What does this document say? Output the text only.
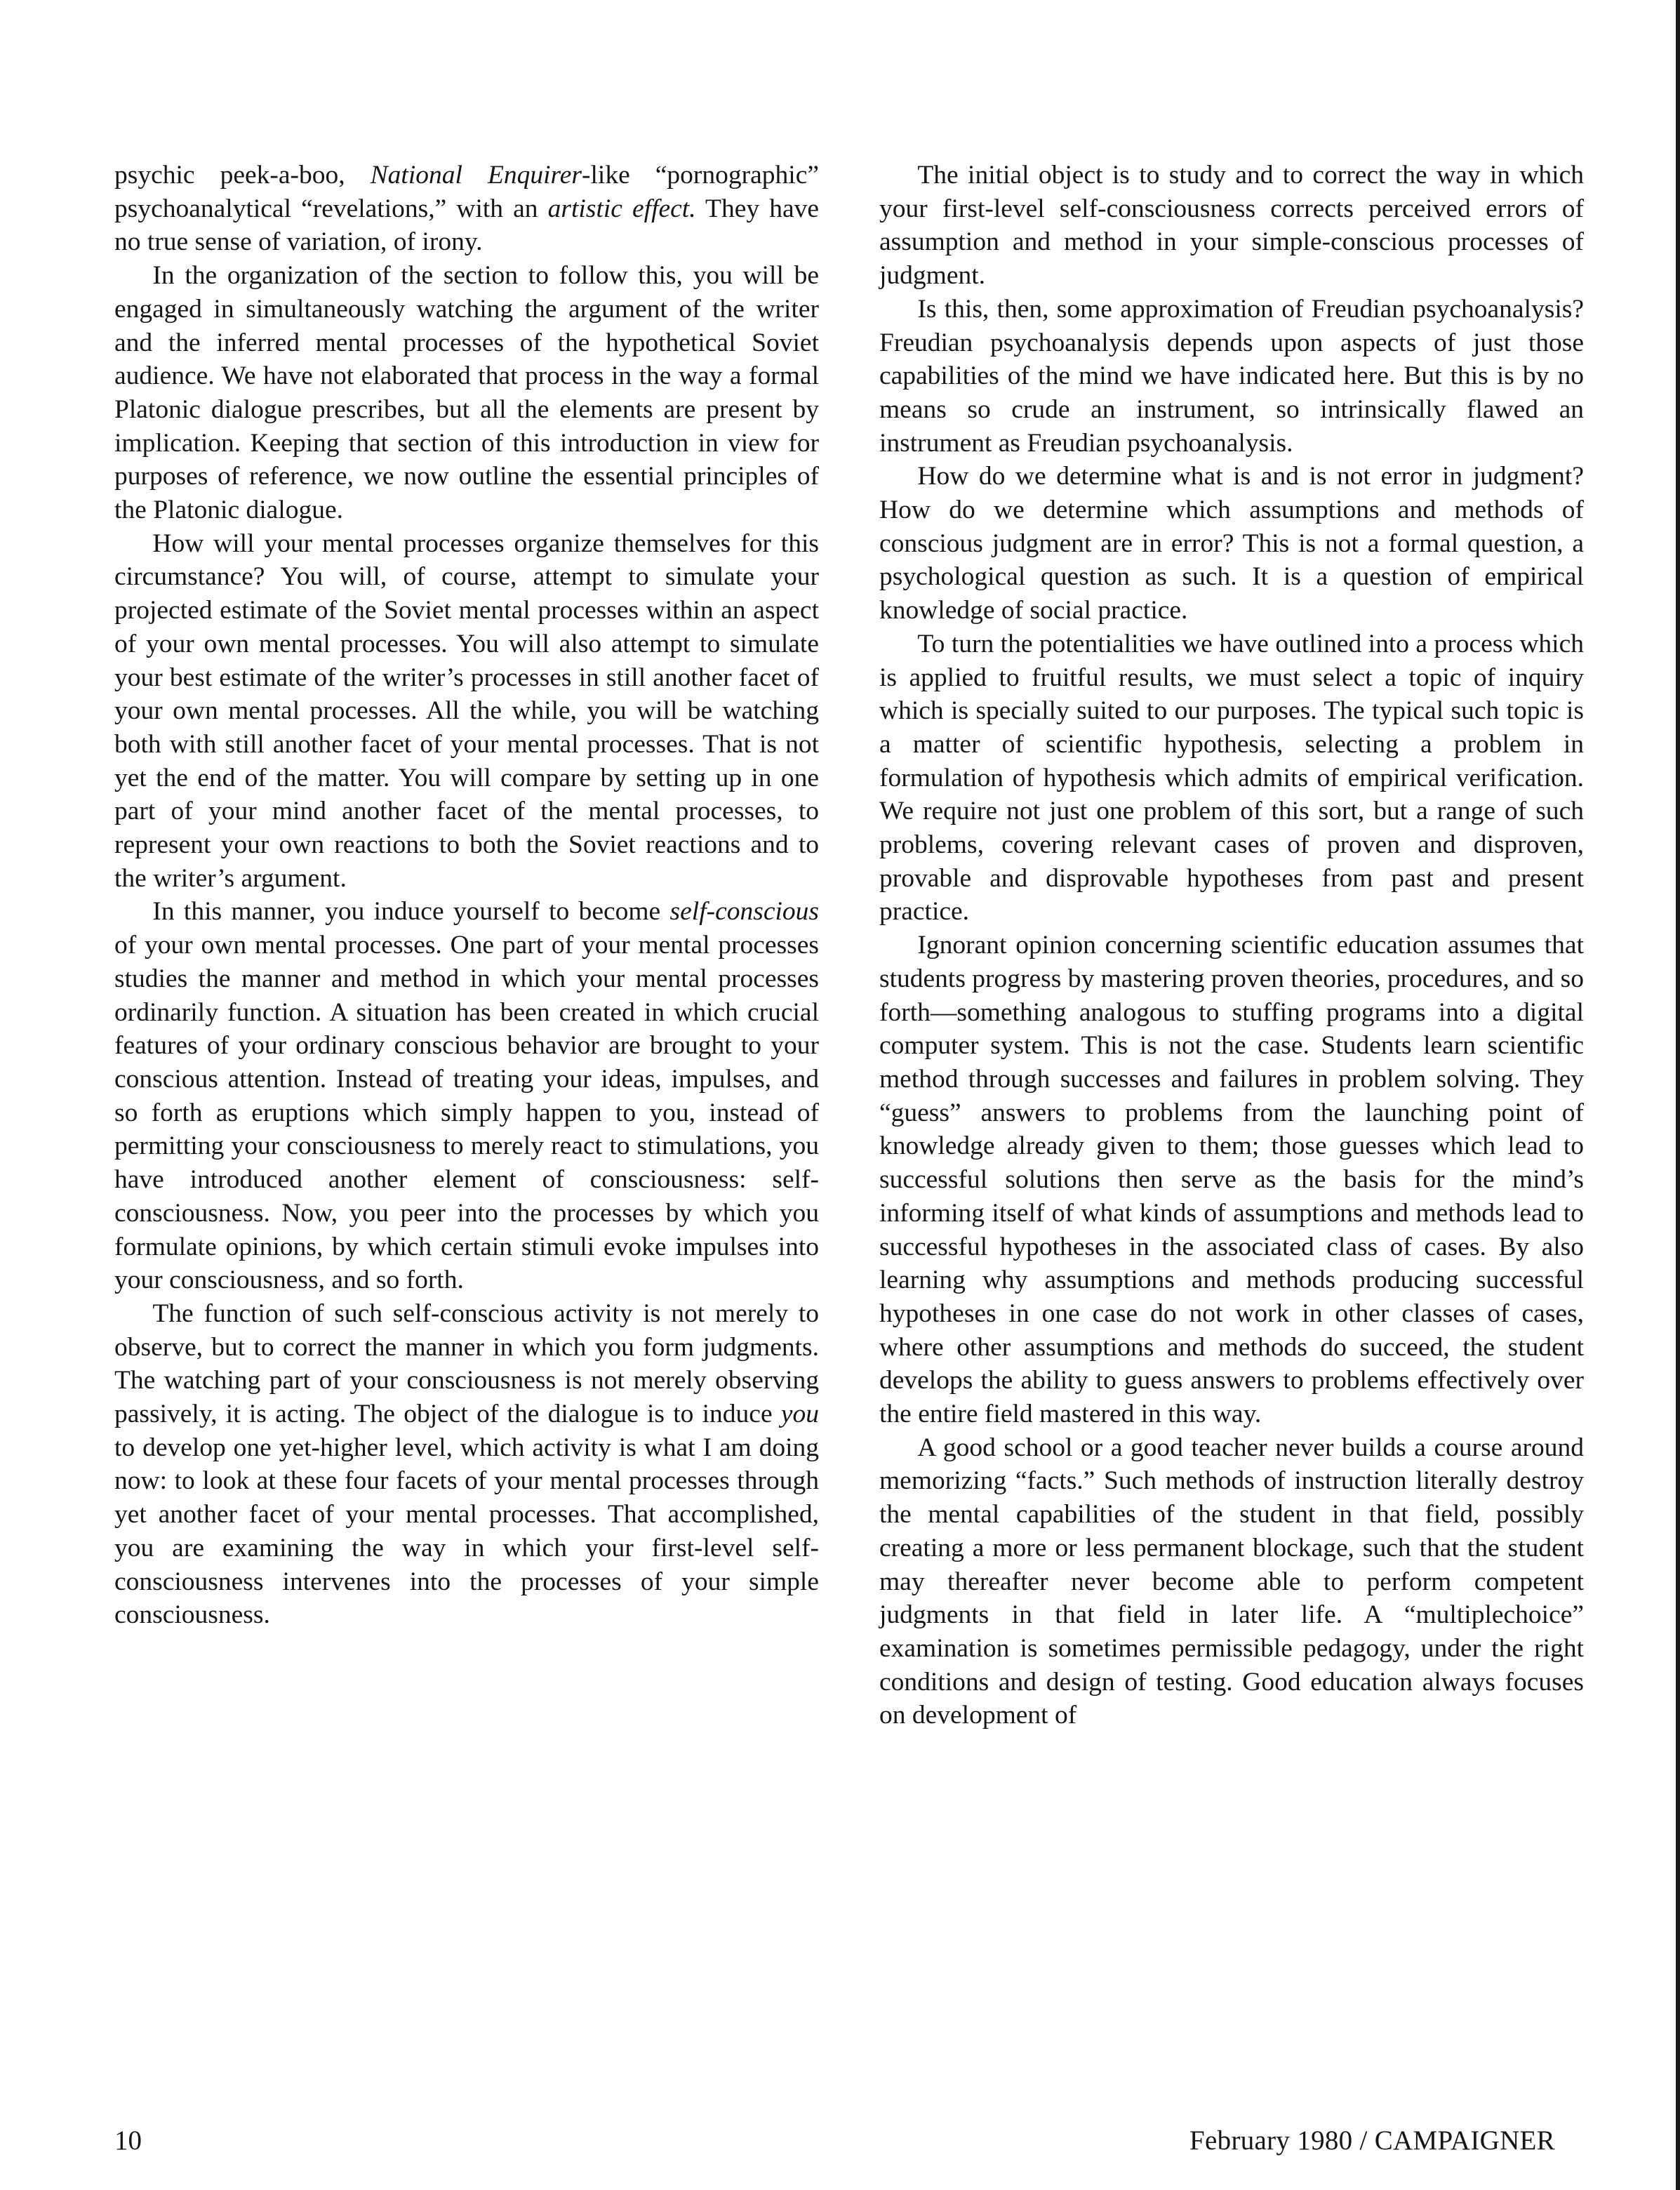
psychic peek-a-boo, National Enquirer-like “pornographic” psychoanalytical “revelations,” with an artistic effect. They have no true sense of variation, of irony.

In the organization of the section to follow this, you will be engaged in simultaneously watching the argument of the writer and the inferred mental processes of the hypothetical Soviet audience. We have not elaborated that process in the way a formal Platonic dialogue prescribes, but all the elements are present by implication. Keeping that section of this introduction in view for purposes of reference, we now outline the essential principles of the Platonic dialogue.

How will your mental processes organize themselves for this circumstance? You will, of course, attempt to simulate your projected estimate of the Soviet mental processes within an aspect of your own mental processes. You will also attempt to simulate your best estimate of the writer’s processes in still another facet of your own mental processes. All the while, you will be watching both with still another facet of your mental processes. That is not yet the end of the matter. You will compare by setting up in one part of your mind another facet of the mental processes, to represent your own reactions to both the Soviet reactions and to the writer’s argument.

In this manner, you induce yourself to become self-conscious of your own mental processes. One part of your mental processes studies the manner and method in which your mental processes ordinarily function. A situation has been created in which crucial features of your ordinary conscious behavior are brought to your conscious attention. Instead of treating your ideas, impulses, and so forth as eruptions which simply happen to you, instead of permitting your consciousness to merely react to stimulations, you have introduced another element of consciousness: self-consciousness. Now, you peer into the processes by which you formulate opinions, by which certain stimuli evoke impulses into your consciousness, and so forth.

The function of such self-conscious activity is not merely to observe, but to correct the manner in which you form judgments. The watching part of your consciousness is not merely observing passively, it is acting. The object of the dialogue is to induce you to develop one yet-higher level, which activity is what I am doing now: to look at these four facets of your mental processes through yet another facet of your mental processes. That accomplished, you are examining the way in which your first-level self-consciousness intervenes into the processes of your simple consciousness.

The initial object is to study and to correct the way in which your first-level self-consciousness corrects perceived errors of assumption and method in your simple-conscious processes of judgment.

Is this, then, some approximation of Freudian psychoanalysis? Freudian psychoanalysis depends upon aspects of just those capabilities of the mind we have indicated here. But this is by no means so crude an instrument, so intrinsically flawed an instrument as Freudian psychoanalysis.

How do we determine what is and is not error in judgment? How do we determine which assumptions and methods of conscious judgment are in error? This is not a formal question, a psychological question as such. It is a question of empirical knowledge of social practice.

To turn the potentialities we have outlined into a process which is applied to fruitful results, we must select a topic of inquiry which is specially suited to our purposes. The typical such topic is a matter of scientific hypothesis, selecting a problem in formulation of hypothesis which admits of empirical verification. We require not just one problem of this sort, but a range of such problems, covering relevant cases of proven and disproven, provable and disprovable hypotheses from past and present practice.

Ignorant opinion concerning scientific education assumes that students progress by mastering proven theories, procedures, and so forth—something analogous to stuffing programs into a digital computer system. This is not the case. Students learn scientific method through successes and failures in problem solving. They “guess” answers to problems from the launching point of knowledge already given to them; those guesses which lead to successful solutions then serve as the basis for the mind’s informing itself of what kinds of assumptions and methods lead to successful hypotheses in the associated class of cases. By also learning why assumptions and methods producing successful hypotheses in one case do not work in other classes of cases, where other assumptions and methods do succeed, the student develops the ability to guess answers to problems effectively over the entire field mastered in this way.

A good school or a good teacher never builds a course around memorizing “facts.” Such methods of instruction literally destroy the mental capabilities of the student in that field, possibly creating a more or less permanent blockage, such that the student may thereafter never become able to perform competent judgments in that field in later life. A “multiplechoice” examination is sometimes permissible pedagogy, under the right conditions and design of testing. Good education always focuses on development of

10	February 1980 / CAMPAIGNER
